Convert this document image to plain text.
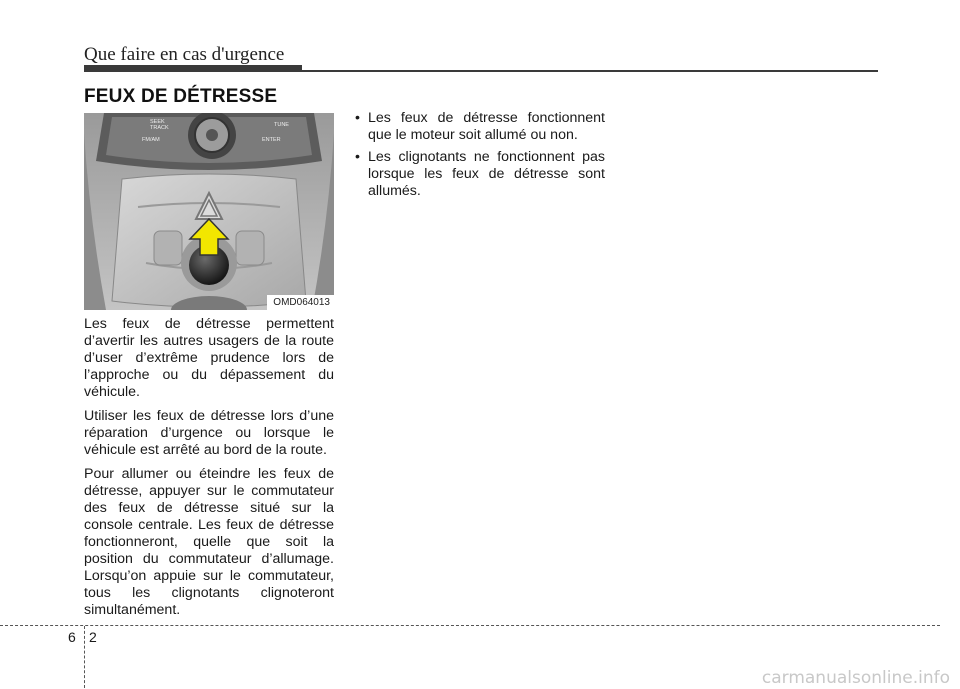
Que faire en cas d'urgence
FEUX DE DÉTRESSE
SEEK
TRACK	TUNE
FM/AM	ENTER
OMD064013

Les feux de détresse permettent d’avertir les autres usagers de la route d’user d’extrême prudence lors de l’approche ou du dépassement du véhicule.

Utiliser les feux de détresse lors d’une réparation d’urgence ou lorsque le véhicule est arrêté au bord de la route.

Pour allumer ou éteindre les feux de détresse, appuyer sur le commutateur des feux de détresse situé sur la console centrale. Les feux de détresse fonctionneront, quelle que soit la position du commutateur d’allumage. Lorsqu’on appuie sur le commutateur, tous les clignotants clignoteront simultanément.

• Les feux de détresse fonctionnent que le moteur soit allumé ou non.
• Les clignotants ne fonctionnent pas lorsque les feux de détresse sont allumés.
6 2
carmanualsonline.info
